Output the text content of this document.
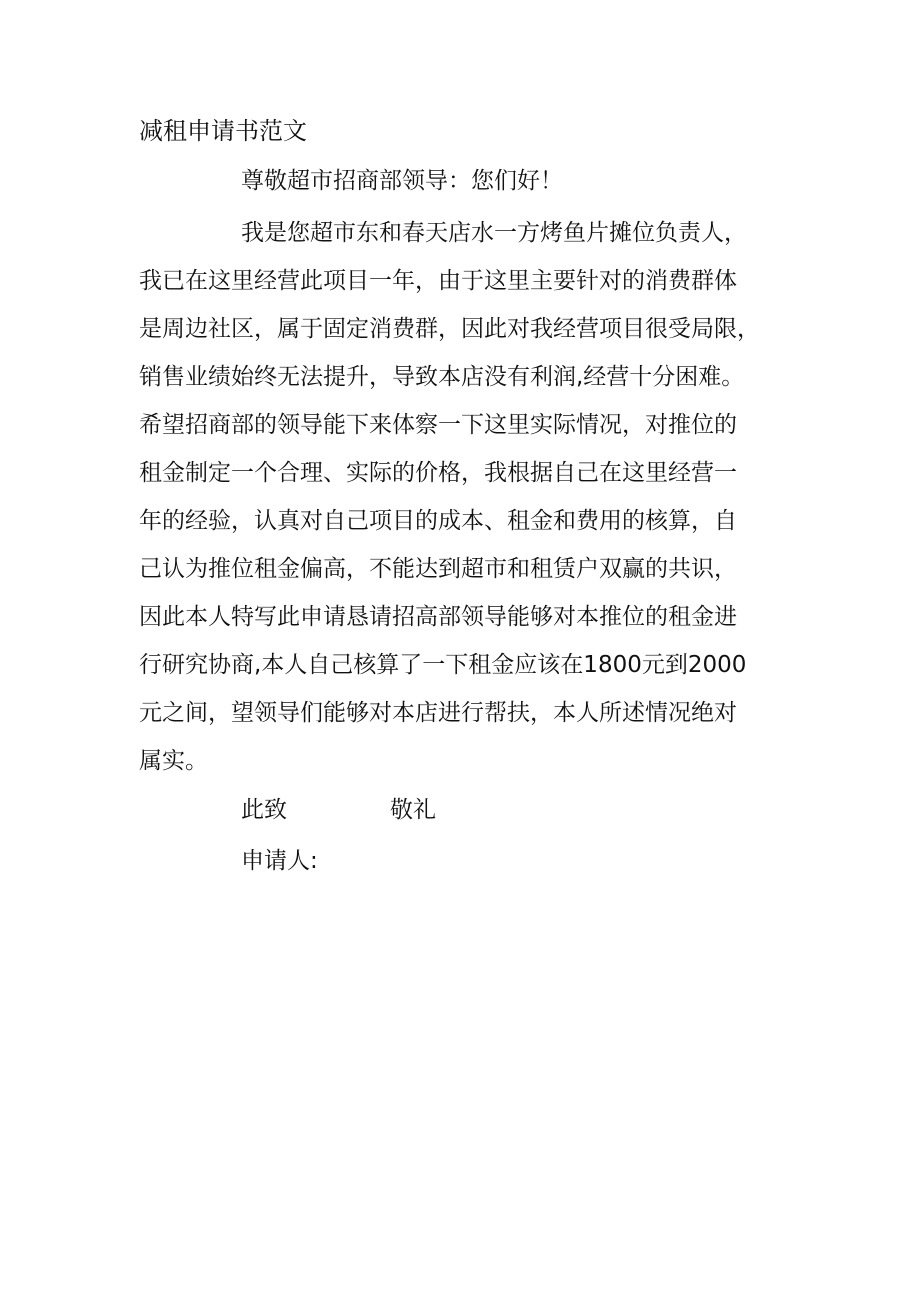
减租申请书范文
尊敬超市招商部领导：您们好！
我是您超市东和春天店水一方烤鱼片摊位负责人，
我已在这里经营此项目一年，由于这里主要针对的消费群体
是周边社区，属于固定消费群，因此对我经营项目很受局限，
销售业绩始终无法提升，导致本店没有利润,经营十分困难。
希望招商部的领导能下来体察一下这里实际情况，对推位的
租金制定一个合理、实际的价格，我根据自己在这里经营一
年的经验，认真对自己项目的成本、租金和费用的核算，自
己认为推位租金偏高，不能达到超市和租赁户双赢的共识，
因此本人特写此申请恳请招高部领导能够对本推位的租金进
行研究协商,本人自己核算了一下租金应该在1800元到2000
元之间，望领导们能够对本店进行帮扶，本人所述情况绝对
属实。
此致	敬礼
申请人:
